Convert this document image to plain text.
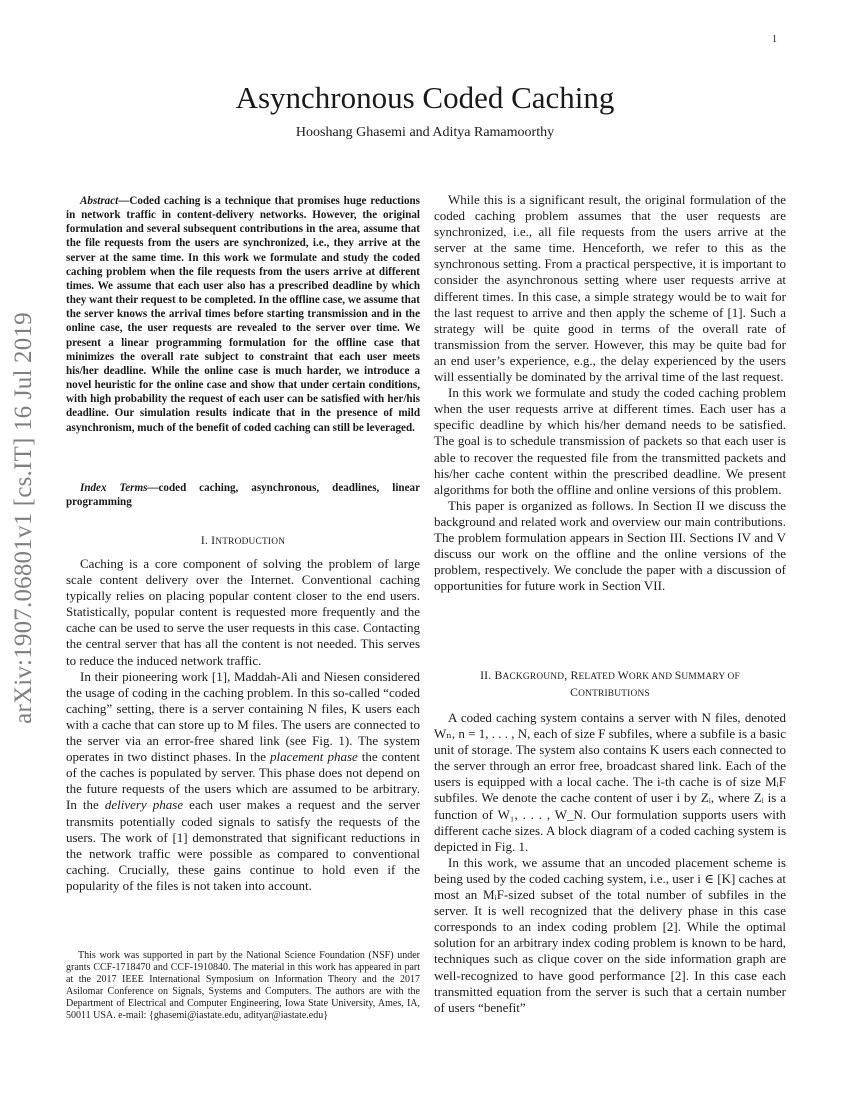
1
arXiv:1907.06801v1 [cs.IT] 16 Jul 2019
Asynchronous Coded Caching
Hooshang Ghasemi and Aditya Ramamoorthy

Abstract—Coded caching is a technique that promises huge reductions in network traffic in content-delivery networks. However, the original formulation and several subsequent contributions in the area, assume that the file requests from the users are synchronized, i.e., they arrive at the server at the same time. In this work we formulate and study the coded caching problem when the file requests from the users arrive at different times. We assume that each user also has a prescribed deadline by which they want their request to be completed. In the offline case, we assume that the server knows the arrival times before starting transmission and in the online case, the user requests are revealed to the server over time. We present a linear programming formulation for the offline case that minimizes the overall rate subject to constraint that each user meets his/her deadline. While the online case is much harder, we introduce a novel heuristic for the online case and show that under certain conditions, with high probability the request of each user can be satisfied with her/his deadline. Our simulation results indicate that in the presence of mild asynchronism, much of the benefit of coded caching can still be leveraged.

Index Terms—coded caching, asynchronous, deadlines, linear programming

I. INTRODUCTION

Caching is a core component of solving the problem of large scale content delivery over the Internet. Conventional caching typically relies on placing popular content closer to the end users. Statistically, popular content is requested more frequently and the cache can be used to serve the user requests in this case. Contacting the central server that has all the content is not needed. This serves to reduce the induced network traffic.

In their pioneering work [1], Maddah-Ali and Niesen considered the usage of coding in the caching problem. In this so-called “coded caching” setting, there is a server containing N files, K users each with a cache that can store up to M files. The users are connected to the server via an error-free shared link (see Fig. 1). The system operates in two distinct phases. In the placement phase the content of the caches is populated by server. This phase does not depend on the future requests of the users which are assumed to be arbitrary. In the delivery phase each user makes a request and the server transmits potentially coded signals to satisfy the requests of the users. The work of [1] demonstrated that significant reductions in the network traffic were possible as compared to conventional caching. Crucially, these gains continue to hold even if the popularity of the files is not taken into account.

This work was supported in part by the National Science Foundation (NSF) under grants CCF-1718470 and CCF-1910840. The material in this work has appeared in part at the 2017 IEEE International Symposium on Information Theory and the 2017 Asilomar Conference on Signals, Systems and Computers. The authors are with the Department of Electrical and Computer Engineering, Iowa State University, Ames, IA, 50011 USA. e-mail: {ghasemi@iastate.edu, adityar@iastate.edu}

While this is a significant result, the original formulation of the coded caching problem assumes that the user requests are synchronized, i.e., all file requests from the users arrive at the server at the same time. Henceforth, we refer to this as the synchronous setting. From a practical perspective, it is important to consider the asynchronous setting where user requests arrive at different times. In this case, a simple strategy would be to wait for the last request to arrive and then apply the scheme of [1]. Such a strategy will be quite good in terms of the overall rate of transmission from the server. However, this may be quite bad for an end user’s experience, e.g., the delay experienced by the users will essentially be dominated by the arrival time of the last request.

In this work we formulate and study the coded caching problem when the user requests arrive at different times. Each user has a specific deadline by which his/her demand needs to be satisfied. The goal is to schedule transmission of packets so that each user is able to recover the requested file from the transmitted packets and his/her cache content within the prescribed deadline. We present algorithms for both the offline and online versions of this problem.

This paper is organized as follows. In Section II we discuss the background and related work and overview our main contributions. The problem formulation appears in Section III. Sections IV and V discuss our work on the offline and the online versions of the problem, respectively. We conclude the paper with a discussion of opportunities for future work in Section VII.

II. BACKGROUND, RELATED WORK AND SUMMARY OF
CONTRIBUTIONS

A coded caching system contains a server with N files, denoted Wₙ, n = 1, . . . , N, each of size F subfiles, where a subfile is a basic unit of storage. The system also contains K users each connected to the server through an error free, broadcast shared link. Each of the users is equipped with a local cache. The i-th cache is of size MᵢF subfiles. We denote the cache content of user i by Zᵢ, where Zᵢ is a function of W₁, . . . , W_N. Our formulation supports users with different cache sizes. A block diagram of a coded caching system is depicted in Fig. 1.

In this work, we assume that an uncoded placement scheme is being used by the coded caching system, i.e., user i ∈ [K] caches at most an MᵢF-sized subset of the total number of subfiles in the server. It is well recognized that the delivery phase in this case corresponds to an index coding problem [2]. While the optimal solution for an arbitrary index coding problem is known to be hard, techniques such as clique cover on the side information graph are well-recognized to have good performance [2]. In this case each transmitted equation from the server is such that a certain number of users “benefit”
